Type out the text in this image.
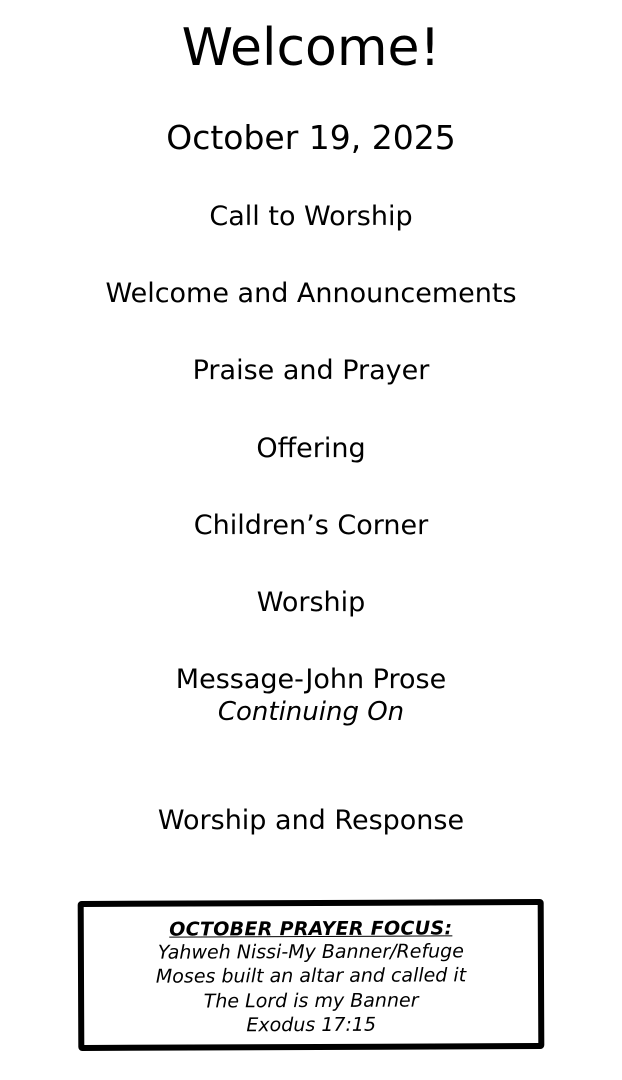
Welcome!
October 19, 2025
Call to Worship
Welcome and Announcements
Praise and Prayer
Offering
Children’s Corner
Worship
Message-John Prose
Continuing On
Worship and Response
OCTOBER PRAYER FOCUS:
Yahweh Nissi-My Banner/Refuge
Moses built an altar and called it
The Lord is my Banner
Exodus 17:15
